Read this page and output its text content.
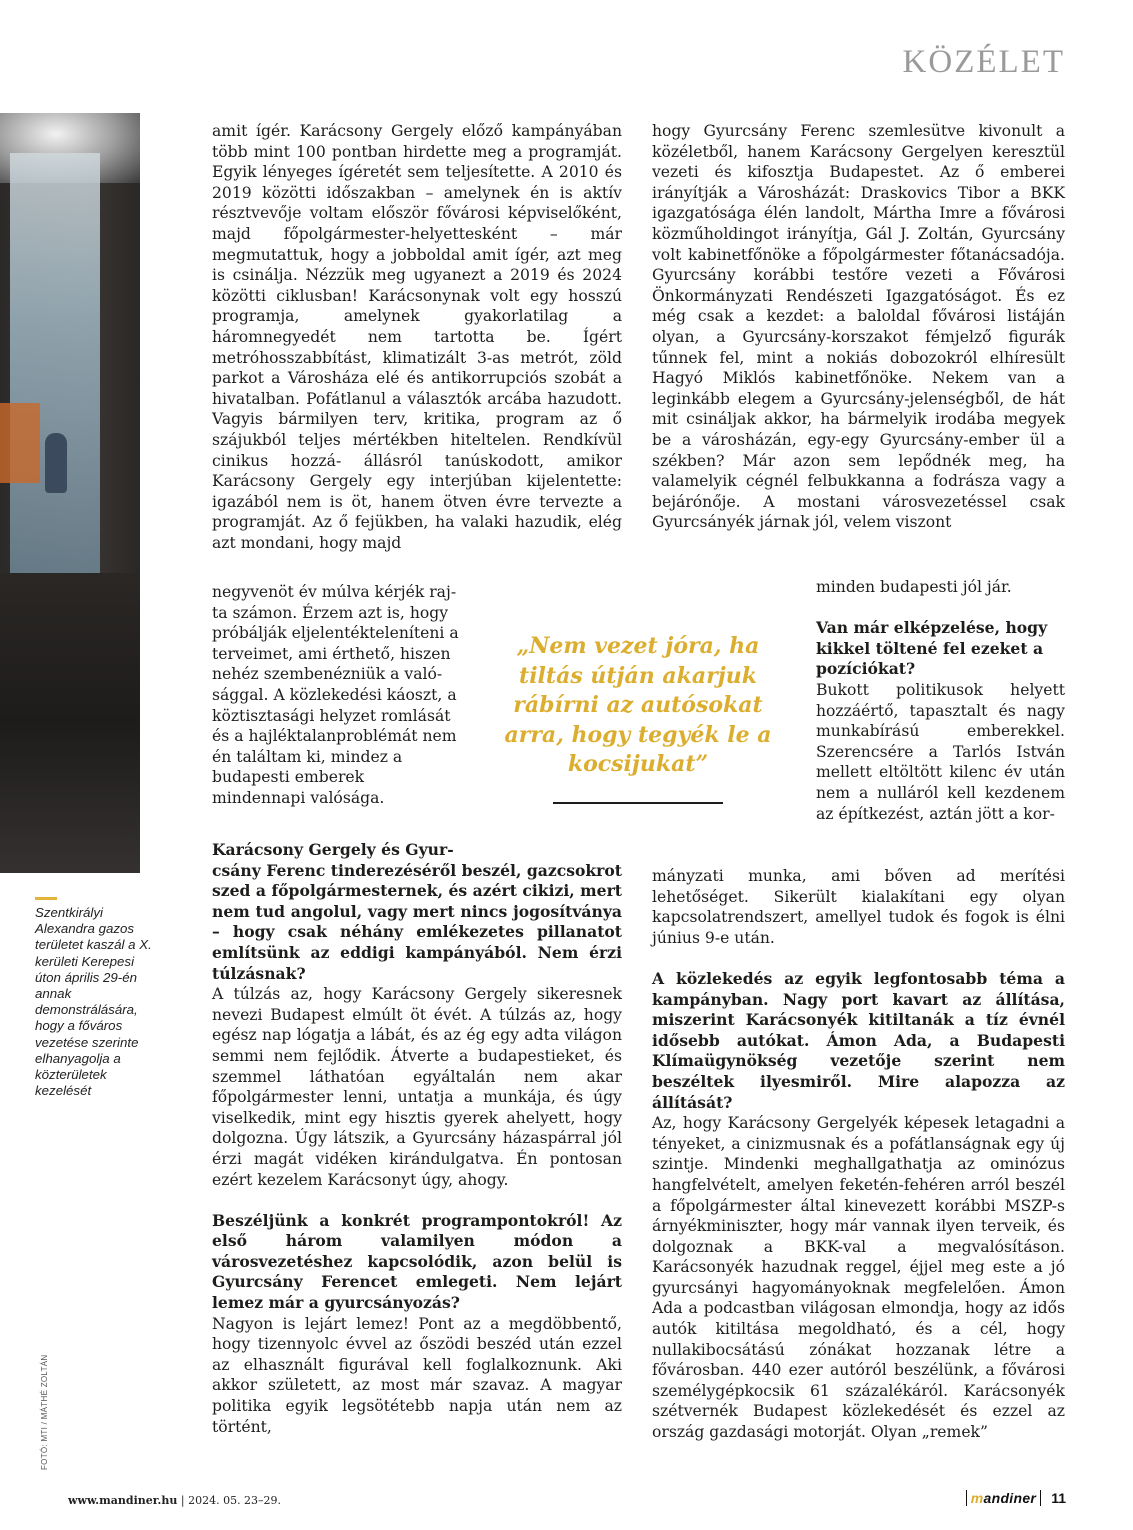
KÖZÉLET
Szentkirályi Alexandra gazos területet kaszál a X. kerületi Kerepesi úton április 29-én annak demonstrálására, hogy a főváros vezetése szerinte elhanyagolja a közterületek kezelését
FOTÓ: MTI / MÁTHÉ ZOLTÁN

amit ígér. Karácsony Gergely előző kampányában több mint 100 pontban hirdette meg a programját. Egyik lényeges ígéretét sem teljesítette. A 2010 és 2019 közötti időszakban – amelynek én is aktív résztvevője voltam először fővárosi képviselőként, majd főpolgármester-helyettesként – már megmutattuk, hogy a jobboldal amit ígér, azt meg is csinálja. Nézzük meg ugyanezt a 2019 és 2024 közötti ciklusban! Karácsonynak volt egy hosszú programja, amelynek gyakorlatilag a háromnegyedét nem tartotta be. Ígért metróhosszabbítást, klimatizált 3-as metrót, zöld parkot a Városháza elé és antikorrupciós szobát a hivatalban. Pofátlanul a választók arcába hazudott. Vagyis bármilyen terv, kritika, program az ő szájukból teljes mértékben hiteltelen. Rendkívül cinikus hozzá- állásról tanúskodott, amikor Karácsony Gergely egy interjúban kijelentette: igazából nem is öt, hanem ötven évre tervezte a programját. Az ő fejükben, ha valaki hazudik, elég azt mondani, hogy majd

negyvenöt év múlva kérjék raj- ta számon. Érzem azt is, hogy próbálják eljelentékteleníteni a terveimet, ami érthető, hiszen nehéz szembenézniük a való- sággal. A közlekedési káoszt, a köztisztasági helyzet romlását és a hajléktalanproblémát nem én találtam ki, mindez a budapesti emberek mindennapi valósága.

Karácsony Gergely és Gyur-

csány Ferenc tinderezéséről beszél, gazcsokrot szed a főpolgármesternek, és azért cikizi, mert nem tud angolul, vagy mert nincs jogosítványa – hogy csak néhány emlékezetes pillanatot említsünk az eddigi kampányából. Nem érzi túlzásnak?

A túlzás az, hogy Karácsony Gergely sikeresnek nevezi Budapest elmúlt öt évét. A túlzás az, hogy egész nap lógatja a lábát, és az ég egy adta világon semmi nem fejlődik. Átverte a budapestieket, és szemmel láthatóan egyáltalán nem akar főpolgármester lenni, untatja a munkája, és úgy viselkedik, mint egy hisztis gyerek ahelyett, hogy dolgozna. Úgy látszik, a Gyurcsány házaspárral jól érzi magát vidéken kirándulgatva. Én pontosan ezért kezelem Karácsonyt úgy, ahogy.

Beszéljünk a konkrét programpontokról! Az első három valamilyen módon a városvezetéshez kapcsolódik, azon belül is Gyurcsány Ferencet emlegeti. Nem lejárt lemez már a gyurcsányozás?

Nagyon is lejárt lemez! Pont az a megdöbbentő, hogy tizennyolc évvel az őszödi beszéd után ezzel az elhasznált figurával kell foglalkoznunk. Aki akkor született, az most már szavaz. A magyar politika egyik legsötétebb napja után nem az történt,

hogy Gyurcsány Ferenc szemlesütve kivonult a közéletből, hanem Karácsony Gergelyen keresztül vezeti és kifosztja Budapestet. Az ő emberei irányítják a Városházát: Draskovics Tibor a BKK igazgatósága élén landolt, Mártha Imre a fővárosi közműholdingot irányítja, Gál J. Zoltán, Gyurcsány volt kabinetfőnöke a főpolgármester főtanácsadója. Gyurcsány korábbi testőre vezeti a Fővárosi Önkormányzati Rendészeti Igazgatóságot. És ez még csak a kezdet: a baloldal fővárosi listáján olyan, a Gyurcsány-korszakot fémjelző figurák tűnnek fel, mint a nokiás dobozokról elhíresült Hagyó Miklós kabinetfőnöke. Nekem van a leginkább elegem a Gyurcsány-jelenségből, de hát mit csináljak akkor, ha bármelyik irodába megyek be a városházán, egy-egy Gyurcsány-ember ül a székben? Már azon sem lepődnék meg, ha valamelyik cégnél felbukkanna a fodrásza vagy a bejárónője. A mostani városvezetéssel csak Gyurcsányék járnak jól, velem viszont

minden budapesti jól jár.

Van már elképzelése, hogy kikkel töltené fel ezeket a pozíciókat?

Bukott politikusok helyett hozzáértő, tapasztalt és nagy munkabírású emberekkel. Szerencsére a Tarlós István mellett eltöltött kilenc év után nem a nulláról kell kezdenem az építkezést, aztán jött a kor-

mányzati munka, ami bőven ad merítési lehetőséget. Sikerült kialakítani egy olyan kapcsolatrendszert, amellyel tudok és fogok is élni június 9-e után.

A közlekedés az egyik legfontosabb téma a kampányban. Nagy port kavart az állítása, miszerint Karácsonyék kitiltanák a tíz évnél idősebb autókat. Ámon Ada, a Budapesti Klímaügynökség vezetője szerint nem beszéltek ilyesmiről. Mire alapozza az állítását?

Az, hogy Karácsony Gergelyék képesek letagadni a tényeket, a cinizmusnak és a pofátlanságnak egy új szintje. Mindenki meghallgathatja az ominózus hangfelvételt, amelyen feketén-fehéren arról beszél a főpolgármester által kinevezett korábbi MSZP-s árnyékminiszter, hogy már vannak ilyen terveik, és dolgoznak a BKK-val a megvalósításon. Karácsonyék hazudnak reggel, éjjel meg este a jó gyurcsányi hagyományoknak megfelelően. Ámon Ada a podcastban világosan elmondja, hogy az idős autók kitiltása megoldható, és a cél, hogy nullakibocsátású zónákat hozzanak létre a fővárosban. 440 ezer autóról beszélünk, a fővárosi személygépkocsik 61 százalékáról. Karácsonyék szétvernék Budapest közlekedését és ezzel az ország gazdasági motorját. Olyan „remek”

„Nem vezet jóra, ha tiltás útján akarjuk rábírni az autósokat arra, hogy tegyék le a kocsijukat”
www.mandiner.hu | 2024. 05. 23–29.	mandiner	11
